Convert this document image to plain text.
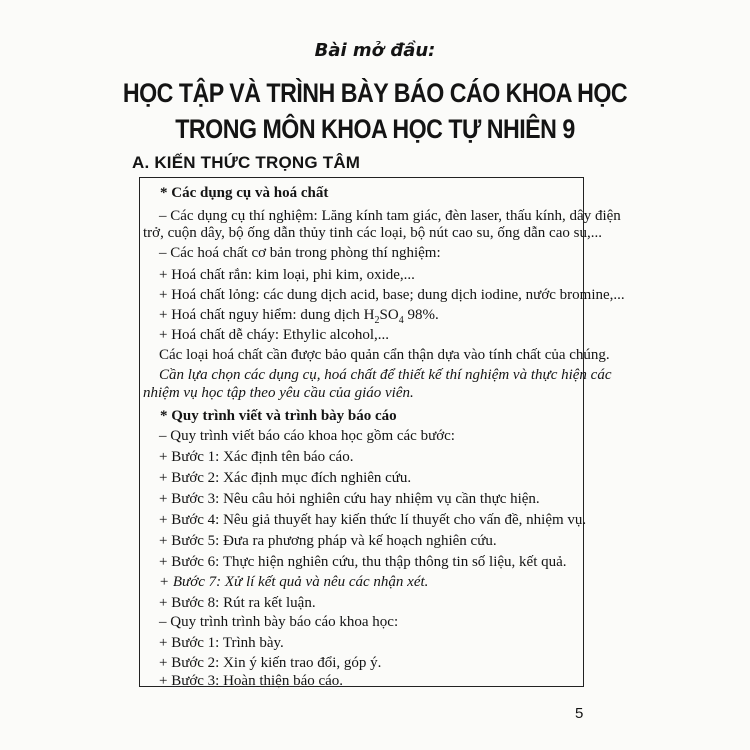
Bài mở đầu:
HỌC TẬP VÀ TRÌNH BÀY BÁO CÁO KHOA HỌC
TRONG MÔN KHOA HỌC TỰ NHIÊN 9
A. KIẾN THỨC TRỌNG TÂM
* Các dụng cụ và hoá chất
– Các dụng cụ thí nghiệm: Lăng kính tam giác, đèn laser, thấu kính, dây điện
trở, cuộn dây, bộ ống dẫn thủy tinh các loại, bộ nút cao su, ống dẫn cao su,...
– Các hoá chất cơ bản trong phòng thí nghiệm:
+ Hoá chất rắn: kim loại, phi kim, oxide,...
+ Hoá chất lỏng: các dung dịch acid, base; dung dịch iodine, nước bromine,...
+ Hoá chất nguy hiểm: dung dịch $H_2SO_4$ 98%.
+ Hoá chất dễ cháy: Ethylic alcohol,...
Các loại hoá chất cần được bảo quản cẩn thận dựa vào tính chất của chúng.
Cần lựa chọn các dụng cụ, hoá chất để thiết kế thí nghiệm và thực hiện các
nhiệm vụ học tập theo yêu cầu của giáo viên.
* Quy trình viết và trình bày báo cáo
– Quy trình viết báo cáo khoa học gồm các bước:
+ Bước 1: Xác định tên báo cáo.
+ Bước 2: Xác định mục đích nghiên cứu.
+ Bước 3: Nêu câu hỏi nghiên cứu hay nhiệm vụ cần thực hiện.
+ Bước 4: Nêu giả thuyết hay kiến thức lí thuyết cho vấn đề, nhiệm vụ.
+ Bước 5: Đưa ra phương pháp và kế hoạch nghiên cứu.
+ Bước 6: Thực hiện nghiên cứu, thu thập thông tin số liệu, kết quả.
+ Bước 7: Xử lí kết quả và nêu các nhận xét.
+ Bước 8: Rút ra kết luận.
– Quy trình trình bày báo cáo khoa học:
+ Bước 1: Trình bày.
+ Bước 2: Xin ý kiến trao đổi, góp ý.
+ Bước 3: Hoàn thiện báo cáo.
5
